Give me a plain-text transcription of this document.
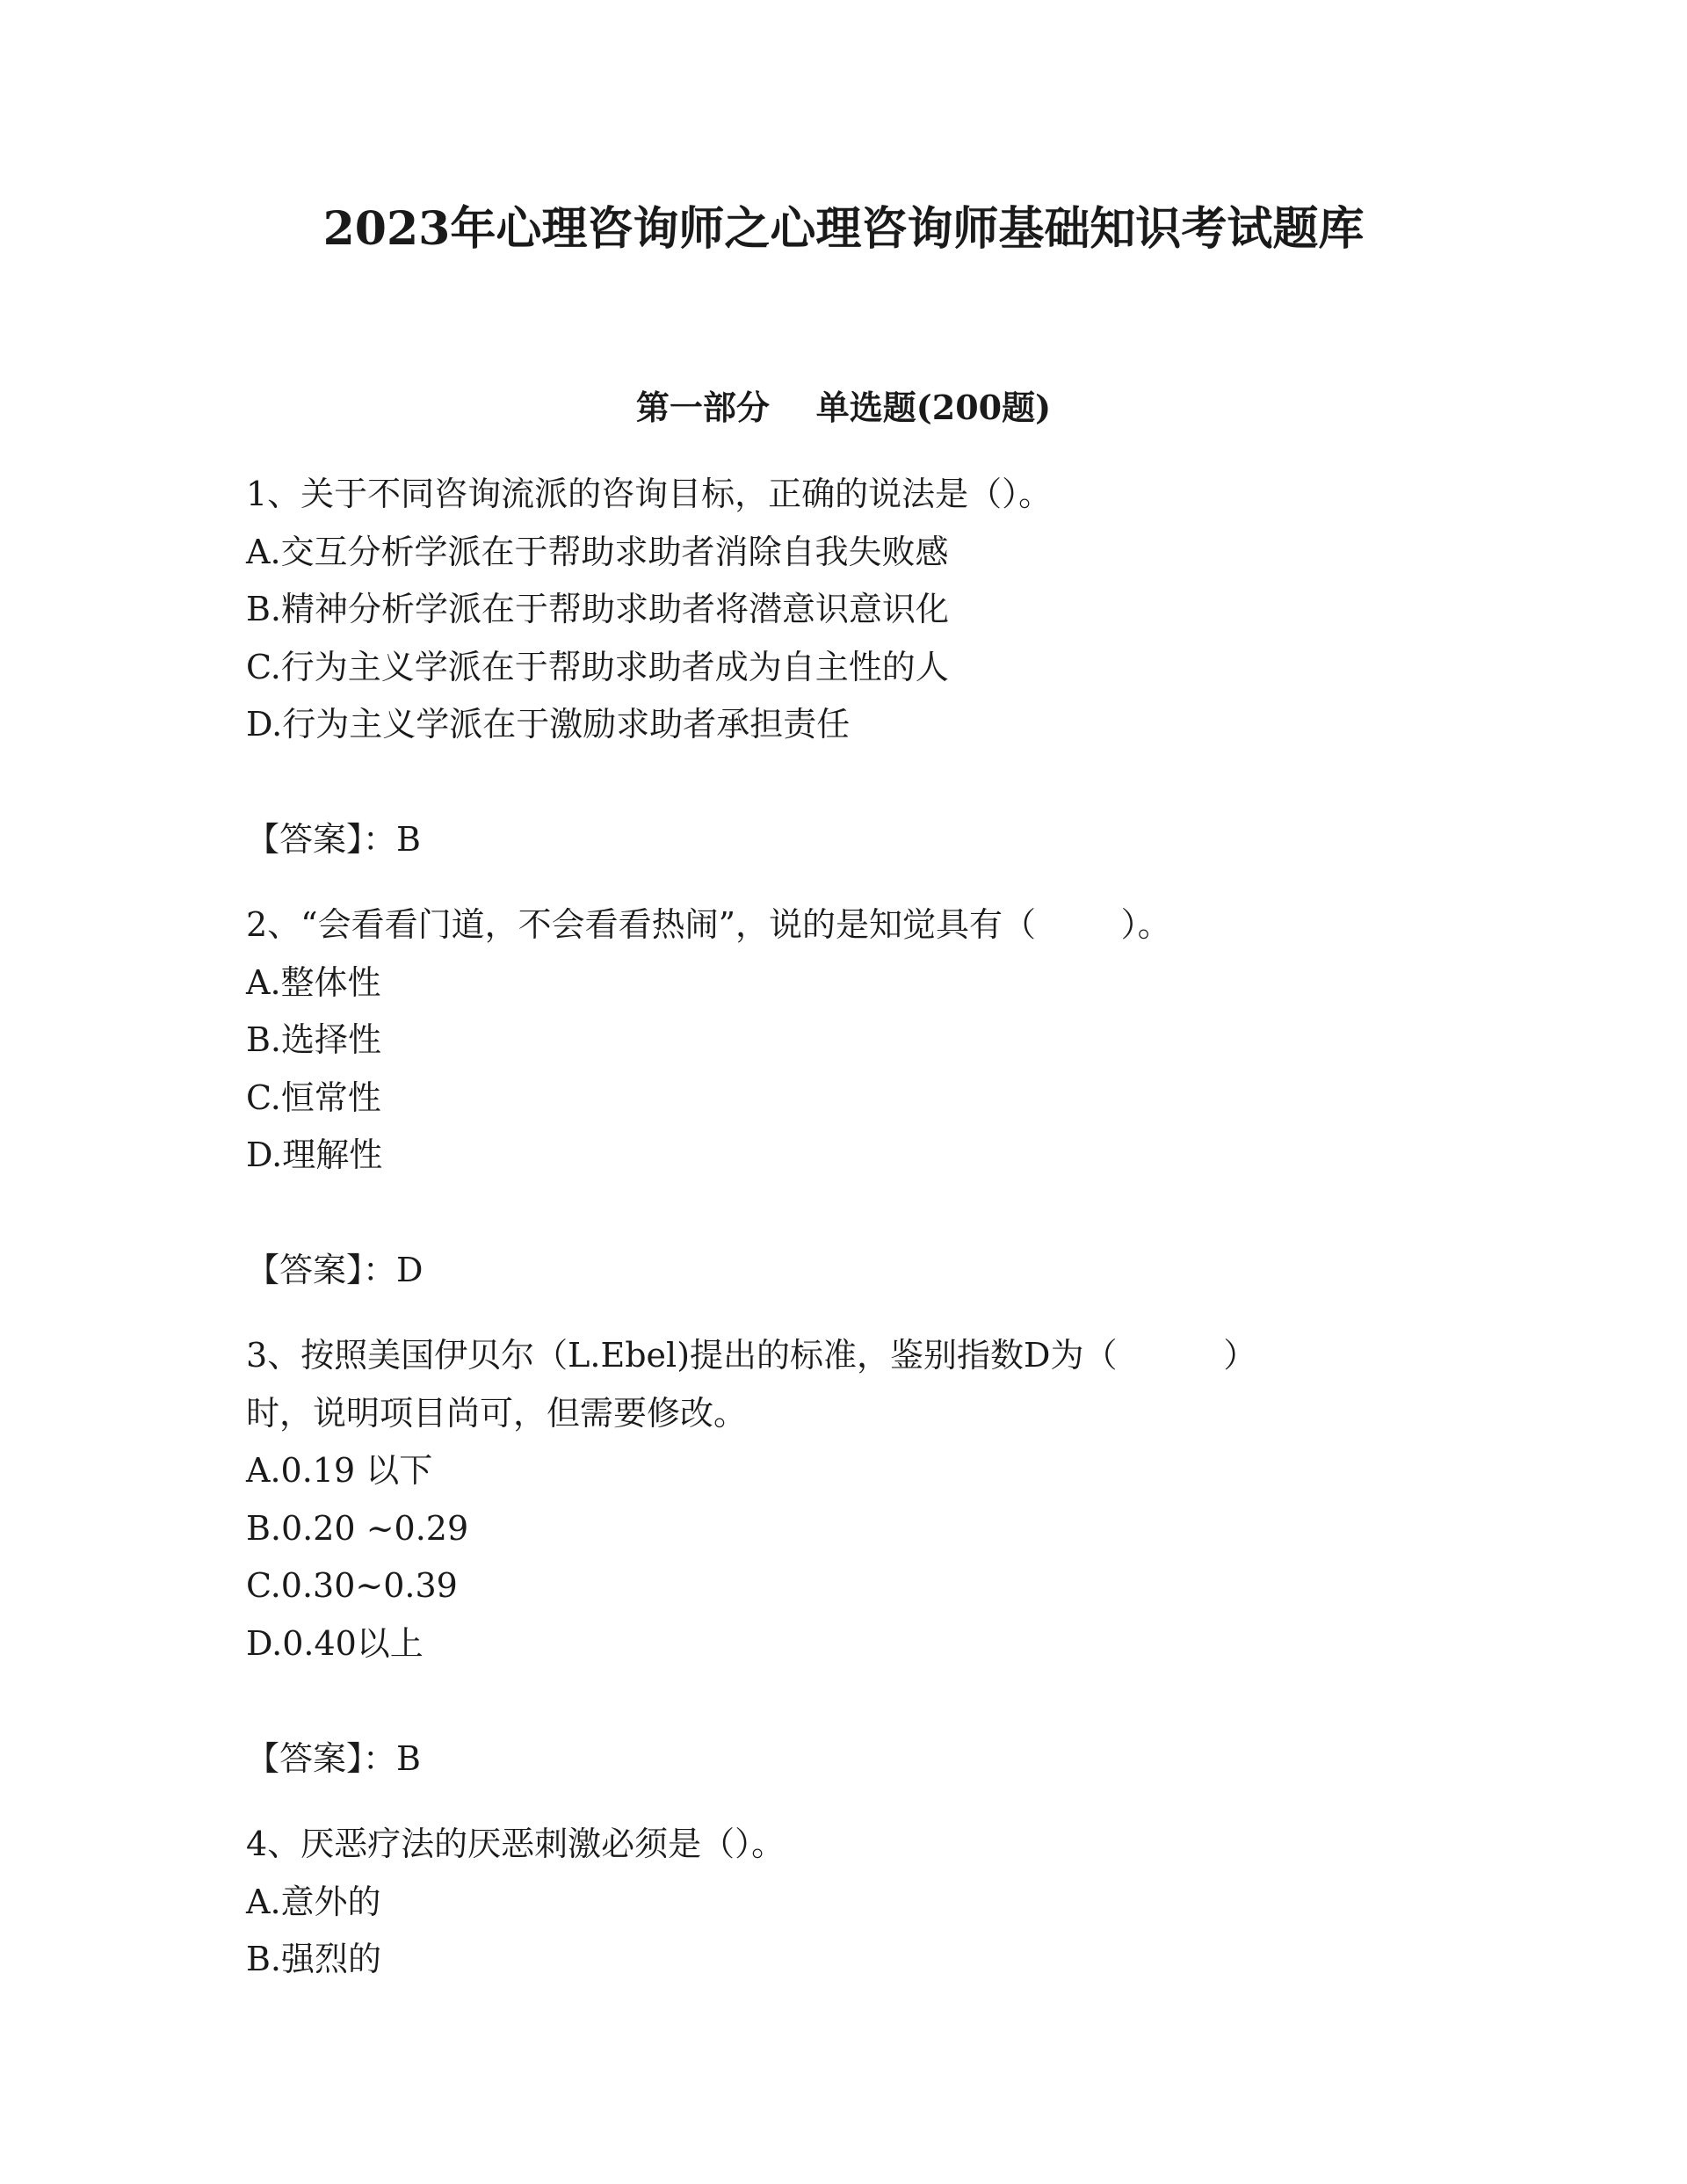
2023年心理咨询师之心理咨询师基础知识考试题库
第一部分    单选题(200题)
1、关于不同咨询流派的咨询目标，正确的说法是（）。
A.交互分析学派在于帮助求助者消除自我失败感
B.精神分析学派在于帮助求助者将潜意识意识化
C.行为主义学派在于帮助求助者成为自主性的人
D.行为主义学派在于激励求助者承担责任
【答案】：B
2、“会看看门道，不会看看热闹”，说的是知觉具有（        ）。
A.整体性
B.选择性
C.恒常性
D.理解性
【答案】：D
3、按照美国伊贝尔（L.Ebel)提出的标准，鉴别指数D为（          ）
时，说明项目尚可，但需要修改。
A.0.19 以下
B.0.20 ~0.29
C.0.30~0.39
D.0.40以上
【答案】：B
4、厌恶疗法的厌恶刺激必须是（）。
A.意外的
B.强烈的
